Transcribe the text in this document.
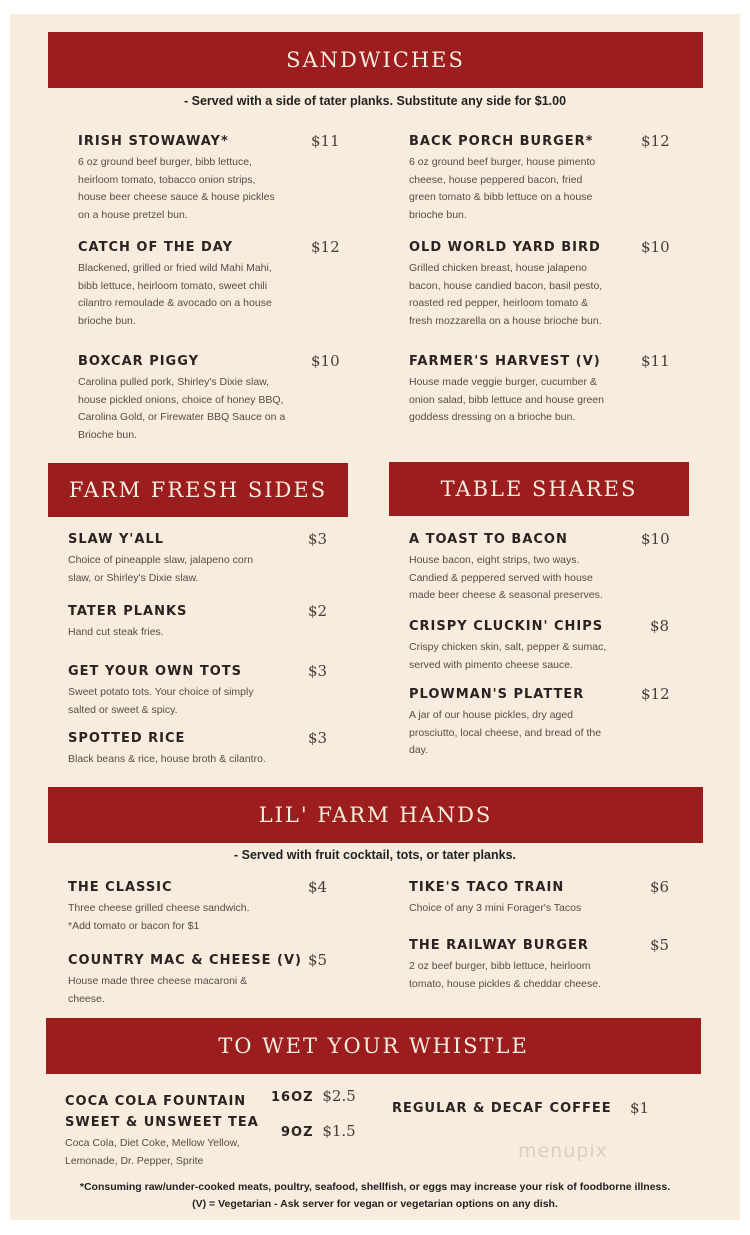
SANDWICHES
- Served with a side of tater planks. Substitute any side for $1.00
IRISH STOWAWAY*
6 oz ground beef burger, bibb lettuce,
heirloom tomato, tobacco onion strips,
house beer cheese sauce & house pickles
on a house pretzel bun.
$11	BACK PORCH BURGER*
6 oz ground beef burger, house pimento
cheese, house peppered bacon, fried
green tomato & bibb lettuce on a house
brioche bun.
$12
CATCH OF THE DAY
Blackened, grilled or fried wild Mahi Mahi,
bibb lettuce, heirloom tomato, sweet chili
cilantro remoulade & avocado on a house
brioche bun.
$12	OLD WORLD YARD BIRD
Grilled chicken breast, house jalapeno
bacon, house candied bacon, basil pesto,
roasted red pepper, heirloom tomato &
fresh mozzarella on a house brioche bun.
$10
BOXCAR PIGGY
Carolina pulled pork, Shirley's Dixie slaw,
house pickled onions, choice of honey BBQ,
Carolina Gold, or Firewater BBQ Sauce on a
Brioche bun.
$10	FARMER'S HARVEST (V)
House made veggie burger, cucumber &
onion salad, bibb lettuce and house green
goddess dressing on a brioche bun.
$11
FARM FRESH SIDES	TABLE SHARES
SLAW Y'ALL
Choice of pineapple slaw, jalapeno corn
slaw, or Shirley's Dixie slaw.
$3
TATER PLANKS
Hand cut steak fries.
$2
GET YOUR OWN TOTS
Sweet potato tots. Your choice of simply
salted or sweet & spicy.
$3
SPOTTED RICE
Black beans & rice, house broth & cilantro.
$3
A TOAST TO BACON
House bacon, eight strips, two ways.
Candied & peppered served with house
made beer cheese & seasonal preserves.
$10
CRISPY CLUCKIN' CHIPS
Crispy chicken skin, salt, pepper & sumac,
served with pimento cheese sauce.
$8
PLOWMAN'S PLATTER
A jar of our house pickles, dry aged
prosciutto, local cheese, and bread of the
day.
$12
LIL' FARM HANDS
- Served with fruit cocktail, tots, or tater planks.
THE CLASSIC
Three cheese grilled cheese sandwich.
*Add tomato or bacon for $1
$4	TIKE'S TACO TRAIN
Choice of any 3 mini Forager's Tacos
$6
COUNTRY MAC & CHEESE (V)
House made three cheese macaroni &
cheese.
$5
THE RAILWAY BURGER
2 oz beef burger, bibb lettuce, heirloom
tomato, house pickles & cheddar cheese.
$5
TO WET YOUR WHISTLE
COCA COLA FOUNTAIN
SWEET & UNSWEET TEA
Coca Cola, Diet Coke, Mellow Yellow,
Lemonade, Dr. Pepper, Sprite
16OZ $2.5
9OZ $1.5
REGULAR & DECAF COFFEE $1
menupix
*Consuming raw/under-cooked meats, poultry, seafood, shellfish, or eggs may increase your risk of foodborne illness.
(V) = Vegetarian - Ask server for vegan or vegetarian options on any dish.
